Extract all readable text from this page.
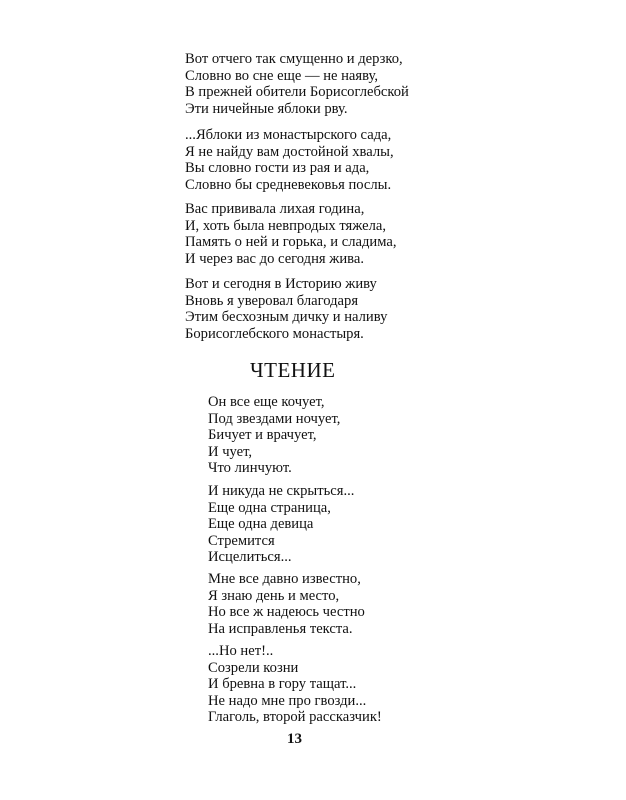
Вот отчего так смущенно и дерзко,
Словно во сне еще — не наяву,
В прежней обители Борисоглебской
Эти ничейные яблоки рву.
...Яблоки из монастырского сада,
Я не найду вам достойной хвалы,
Вы словно гости из рая и ада,
Словно бы средневековья послы.
Вас прививала лихая година,
И, хоть была невпродых тяжела,
Память о ней и горька, и сладима,
И через вас до сегодня жива.
Вот и сегодня в Историю живу
Вновь я уверовал благодаря
Этим бесхозным дичку и наливу
Борисоглебского монастыря.
ЧТЕНИЕ
Он все еще кочует,
Под звездами ночует,
Бичует и врачует,
И чует,
Что линчуют.
И никуда не скрыться...
Еще одна страница,
Еще одна девица
Стремится
Исцелиться...
Мне все давно известно,
Я знаю день и место,
Но все ж надеюсь честно
На исправленья текста.
...Но нет!..
Созрели козни
И бревна в гору тащат...
Не надо мне про гвозди...
Глаголь, второй рассказчик!

13
